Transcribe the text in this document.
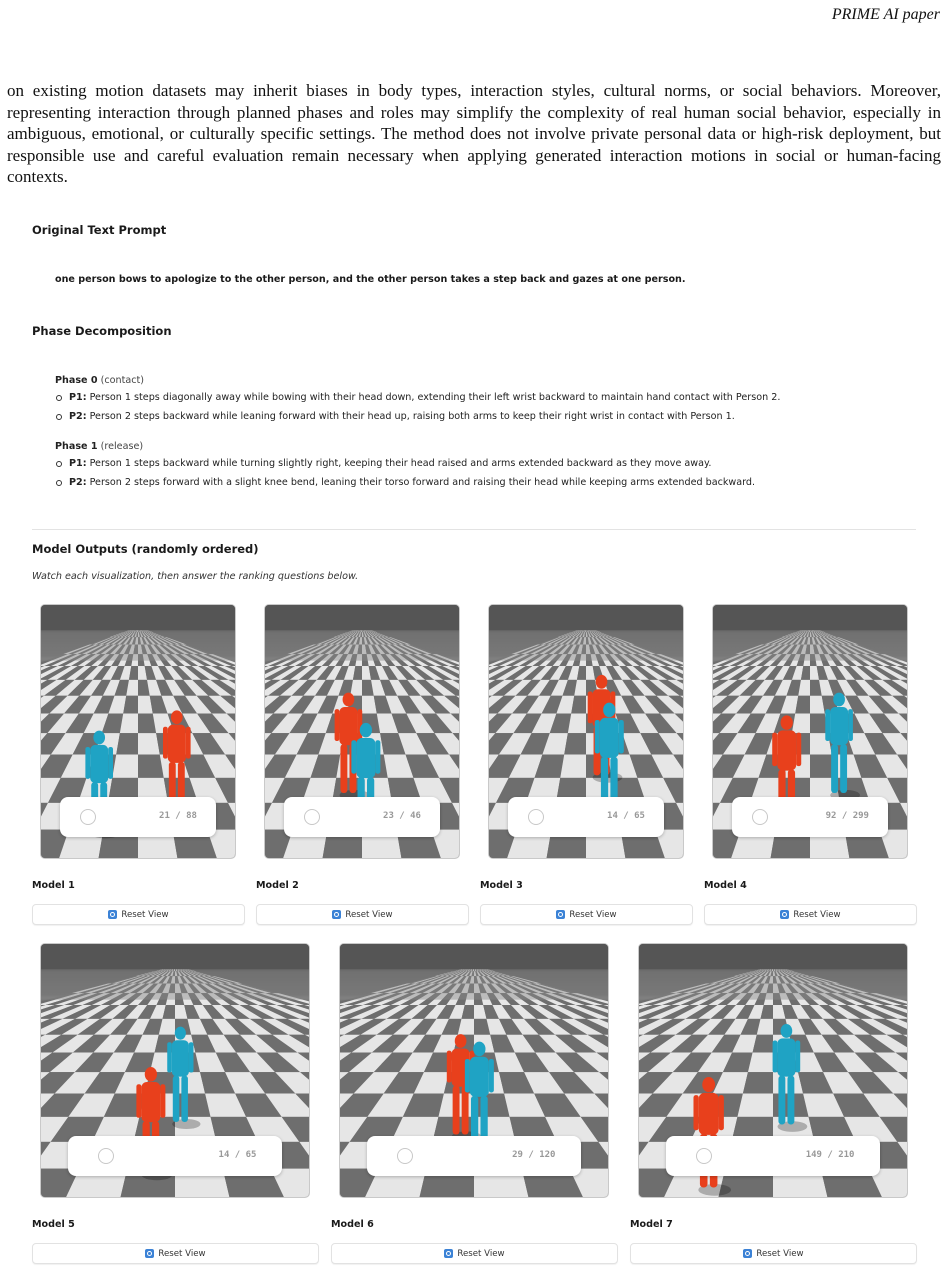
PRIME AI paper

on existing motion datasets may inherit biases in body types, interaction styles, cultural norms, or social behaviors. Moreover, representing interaction through planned phases and roles may simplify the complexity of real human social behavior, especially in ambiguous, emotional, or culturally specific settings. The method does not involve private personal data or high-risk deployment, but responsible use and careful evaluation remain necessary when applying generated interaction motions in social or human-facing contexts.

Original Text Prompt
one person bows to apologize to the other person, and the other person takes a step back and gazes at one person.
Phase Decomposition
Phase 0 (contact)
P1: Person 1 steps diagonally away while bowing with their head down, extending their left wrist backward to maintain hand contact with Person 2.
P2: Person 2 steps backward while leaning forward with their head up, raising both arms to keep their right wrist in contact with Person 1.
Phase 1 (release)
P1: Person 1 steps backward while turning slightly right, keeping their head raised and arms extended backward as they move away.
P2: Person 2 steps forward with a slight knee bend, leaning their torso forward and raising their head while keeping arms extended backward.
Model Outputs (randomly ordered)
Watch each visualization, then answer the ranking questions below.
21 / 88	23 / 46	14 / 65	92 / 299
14 / 65	29 / 120	149 / 210
Model 1	Model 2	Model 3	Model 4
Model 5	Model 6	Model 7
Reset View	Reset View	Reset View	Reset View
Reset View	Reset View	Reset View
